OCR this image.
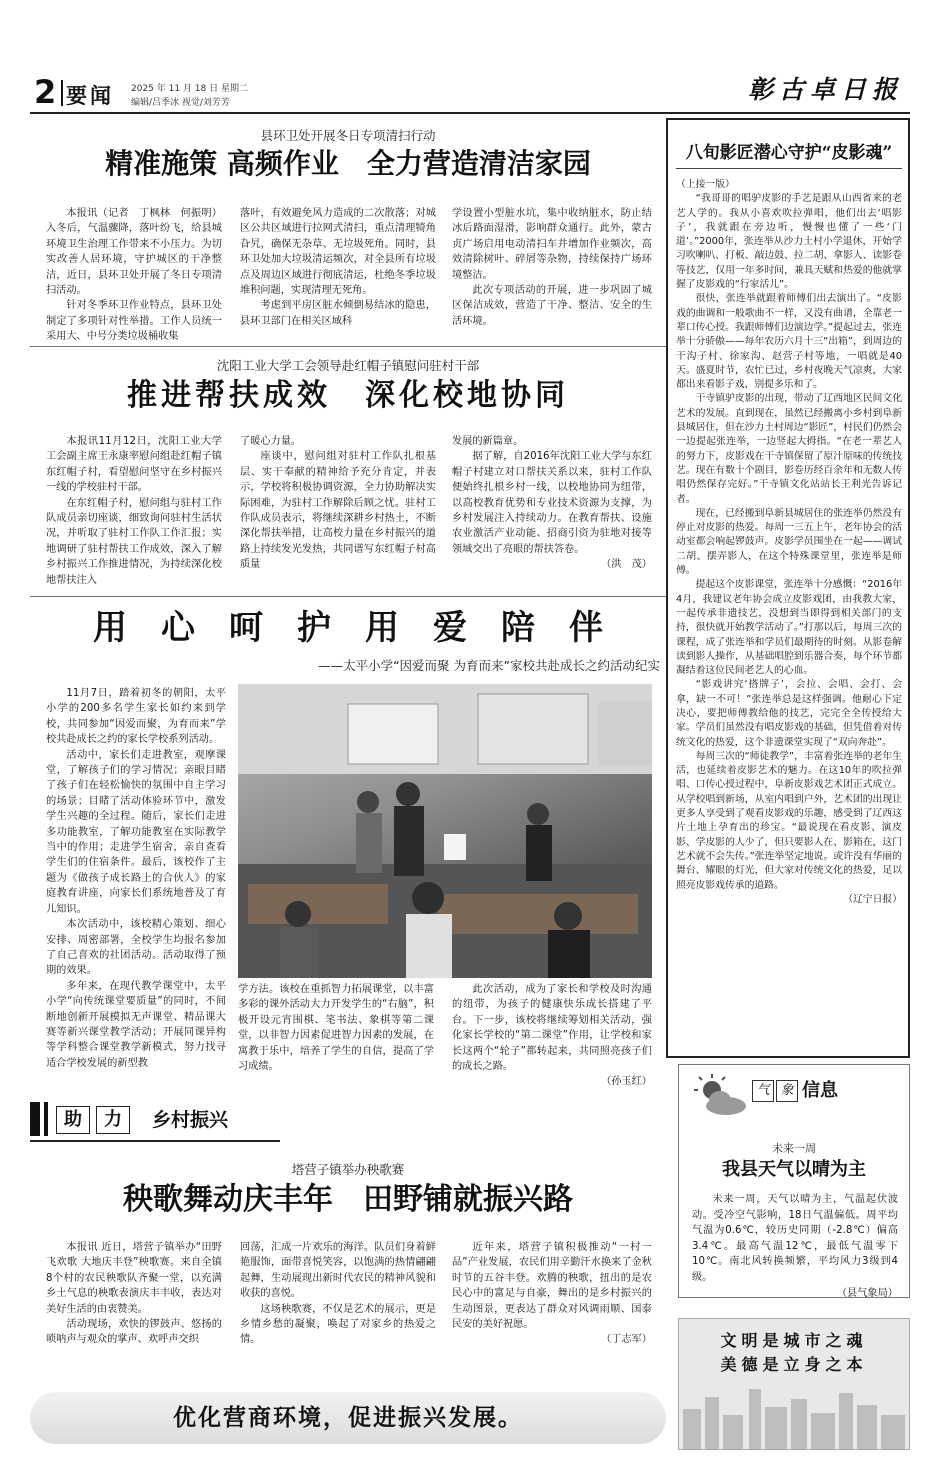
2 要闻 2025 年 11 月 18 日 星期二
编辑/吕季冰 视觉/刘芳芳	彰古卓日报
县环卫处开展冬日专项清扫行动
精准施策 高频作业　全力营造清洁家园

本报讯（记者　丁枫林　何振明）入冬后，气温骤降，落叶纷飞，给县城环境卫生治理工作带来不小压力。为切实改善人居环境，守护城区的干净整洁，近日，县环卫处开展了冬日专项清扫活动。

针对冬季环卫作业特点，县环卫处制定了多项针对性举措。工作人员统一采用大、中号分类垃圾桶收集

落叶，有效避免风力造成的二次散落；对城区公共区域进行拉网式清扫，重点清理犄角旮旯，确保无杂草、无垃圾死角。同时，县环卫处加大垃圾清运频次，对全县所有垃圾点及周边区域进行彻底清运，杜绝冬季垃圾堆积问题，实现清理无死角。

考虑到平房区脏水倾倒易结冰的隐患，县环卫部门在相关区域科

学设置小型脏水坑，集中收纳脏水，防止结冰后路面湿滑，影响群众通行。此外，蒙古贞广场启用电动清扫车并增加作业频次，高效清除树叶、碎屑等杂物，持续保持广场环境整洁。

此次专项活动的开展，进一步巩固了城区保洁成效，营造了干净、整洁、安全的生活环境。

沈阳工业大学工会领导赴红帽子镇慰问驻村干部
推进帮扶成效　深化校地协同

本报讯11月12日，沈阳工业大学工会副主席王永康率慰问组赴红帽子镇东红帽子村，看望慰问坚守在乡村振兴一线的学校驻村干部。

在东红帽子村，慰问组与驻村工作队成员亲切座谈，细致询问驻村生活状况，并听取了驻村工作队工作汇报；实地调研了驻村帮扶工作成效，深入了解乡村振兴工作推进情况，为持续深化校地帮扶注入

了暖心力量。

座谈中，慰问组对驻村工作队扎根基层、实干奉献的精神给予充分肯定，并表示，学校将积极协调资源，全力协助解决实际困难，为驻村工作解除后顾之忧。驻村工作队成员表示，将继续深耕乡村热土，不断深化帮扶举措，让高校力量在乡村振兴的道路上持续发光发热，共同谱写东红帽子村高质量

发展的新篇章。

据了解，自2016年沈阳工业大学与东红帽子村建立对口帮扶关系以来，驻村工作队便始终扎根乡村一线，以校地协同为纽带，以高校教育优势和专业技术资源为支撑，为乡村发展注入持续动力。在教育帮扶、设施农业激活产业动能、招商引资为驻地对接等领域交出了亮眼的帮扶答卷。

（洪　茂）
用　心　呵　护　用　爱　陪　伴
——太平小学“因爱而聚 为育而来”家校共赴成长之约活动纪实

11月7日，踏着初冬的朝阳，太平小学的200多名学生家长如约来到学校，共同参加“因爱而聚，为育而来”学校共赴成长之约的家长学校系列活动。

活动中，家长们走进教室，观摩课堂，了解孩子们的学习情况；亲眼目睹了孩子们在轻松愉快的氛围中自主学习的场景；目睹了活动体验环节中，激发学生兴趣的全过程。随后，家长们走进多功能教室，了解功能教室在实际教学当中的作用；走进学生宿舍，亲自查看学生们的住宿条件。最后，该校作了主题为《做孩子成长路上的合伙人》的家庭教育讲座，向家长们系统地普及了育儿知识。

本次活动中，该校精心策划、细心安排、周密部署，全校学生均报名参加了自己喜欢的社团活动。活动取得了预期的效果。

多年来，在现代教学课堂中，太平小学“向传统课堂要质量”的同时，不间断地创新开展模拟无声课堂、精品课大赛等新兴课堂教学活动；开展同课异构等学科整合课堂教学新模式，努力找寻适合学校发展的新型教

学方法。该校在重抓智力拓展课堂，以丰富多彩的课外活动大力开发学生的“右脑”，积极开设元宵围棋、笔书法、象棋等第二课堂，以非智力因素促进智力因素的发展，在寓教于乐中，培养了学生的自信，提高了学习成绩。

此次活动，成为了家长和学校及时沟通的纽带，为孩子的健康快乐成长搭建了平台。下一步，该校将继续筹划相关活动，强化家长学校的“第二课堂”作用，让学校和家长这两个“轮子”都转起来，共同照亮孩子们的成长之路。

（孙玉红）
助	力	乡村振兴
塔营子镇举办秧歌赛
秧歌舞动庆丰年　田野铺就振兴路

本报讯 近日，塔营子镇举办“田野飞欢歌 大地庆丰登”秧歌赛。来自全镇8个村的农民秧歌队齐聚一堂，以充满乡土气息的秧歌表演庆丰丰收，表达对美好生活的由衷赞美。

活动现场，欢快的锣鼓声、悠扬的唢呐声与观众的掌声、欢呼声交织

回荡，汇成一片欢乐的海洋。队员们身着鲜艳服饰，面带喜悦笑容，以饱满的热情翩翩起舞，生动展现出新时代农民的精神风貌和收获的喜悦。

这场秧歌赛，不仅是艺术的展示，更是乡情乡愁的凝聚，唤起了对家乡的热爱之情。

近年来，塔营子镇积极推动“一村一品”产业发展，农民们用辛勤汗水换来了金秋时节的五谷丰登。欢腾的秧歌，扭出的是农民心中的富足与自豪，舞出的是乡村振兴的生动图景，更表达了群众对风调雨顺、国泰民安的美好祝愿。

（丁志军）
八旬影匠潜心守护“皮影魂”

（上接一版）

“我哥哥的唱驴皮影的手艺是跟从山西省来的老艺人学的。我从小喜欢吹拉弹唱，他们出去‘唱影子’，我就跟在旁边听，慢慢也懂了一些‘门道’。”2000年，张连举从沙力土村小学退休，开始学习吹喇叭、打板、敲边鼓、拉二胡、拿影人、读影卷等技艺，仅用一年多时间，兼具天赋和热爱的他就掌握了皮影戏的“行家活儿”。

很快，张连举就跟着师傅们出去演出了。“皮影戏的曲调和一般歌曲不一样，又没有曲谱，全靠老一辈口传心授。我跟师傅们边演边学。”提起过去，张连举十分骄傲——每年农历六月十三“出箱”，到周边的干沟子村、徐家沟、赵营子村等地，一唱就是40天。盛夏时节，农忙已过，乡村夜晚天气凉爽，大家都出来看影子戏，别提多乐和了。

干寺镇驴皮影的出现，带动了辽西地区民间文化艺术的发展。直到现在，虽然已经搬离小乡村到阜新县城居住，但在沙力土村周边“影匠”，村民们仍然会一边提起张连举，一边竖起大拇指。“在老一辈艺人的努力下，皮影戏在干寺镇保留了原汁原味的传统技艺。现在有数十个剧目，影卷历经百余年和无数人传唱仍然保存完好。”干寺镇文化站站长王利光告诉记者。

现在，已经搬到阜新县城居住的张连举仍然没有停止对皮影的热爱。每周一三五上午，老年协会的活动室都会响起锣鼓声。皮影学员围坐在一起——调试二胡、摆弄影人，在这个特殊课堂里，张连举是师傅。

提起这个皮影课堂，张连举十分感慨：“2016年4月，我建议老年协会成立皮影戏团，由我教大家，一起传承非遗技艺，没想到当即得到相关部门的支持，很快就开始教学活动了。”打那以后，每周三次的课程，成了张连举和学员们最期待的时刻。从影卷解读到影人操作，从基础唱腔到乐器合奏，每个环节都凝结着这位民间老艺人的心血。

“影戏讲究‘搭牌子’，会拉、会唱、会打、会拿，缺一不可！”张连举总是这样强调。他耐心下定决心，要把师傅教给他的技艺，完完全全传授给大家。学员们虽然没有唱皮影戏的基础，但凭借着对传统文化的热爱，这个非遗课堂实现了“双向奔赴”。

每周三次的“师徒教学”，丰富着张连举的老年生活，也延续着皮影艺术的魅力。在这10年的吹拉弹唱、口传心授过程中，阜新皮影戏艺术团正式成立。从学校唱到新场，从室内唱到户外，艺术团的出现让更多人享受到了观看皮影戏的乐趣，感受到了辽西这片土地上孕育出的珍宝。“最说现在看皮影、演皮影、学皮影的人少了，但只要影人在、影箱在，这门艺术就不会失传。”张连举坚定地说。或许没有华丽的舞台、耀眼的灯光，但大家对传统文化的热爱，足以照亮皮影戏传承的道路。

（辽宁日报）
气 象 信息
未来一周
我县天气以晴为主

未来一周，天气以晴为主，气温起伏波动。受冷空气影响，18日气温偏低。周平均气温为0.6℃，较历史同期（-2.8℃）偏高3.4℃。最高气温12℃，最低气温零下10℃。南北风转换频繁，平均风力3级到4级。

（县气象局）
文明是城市之魂
美德是立身之本
优化营商环境，促进振兴发展。
